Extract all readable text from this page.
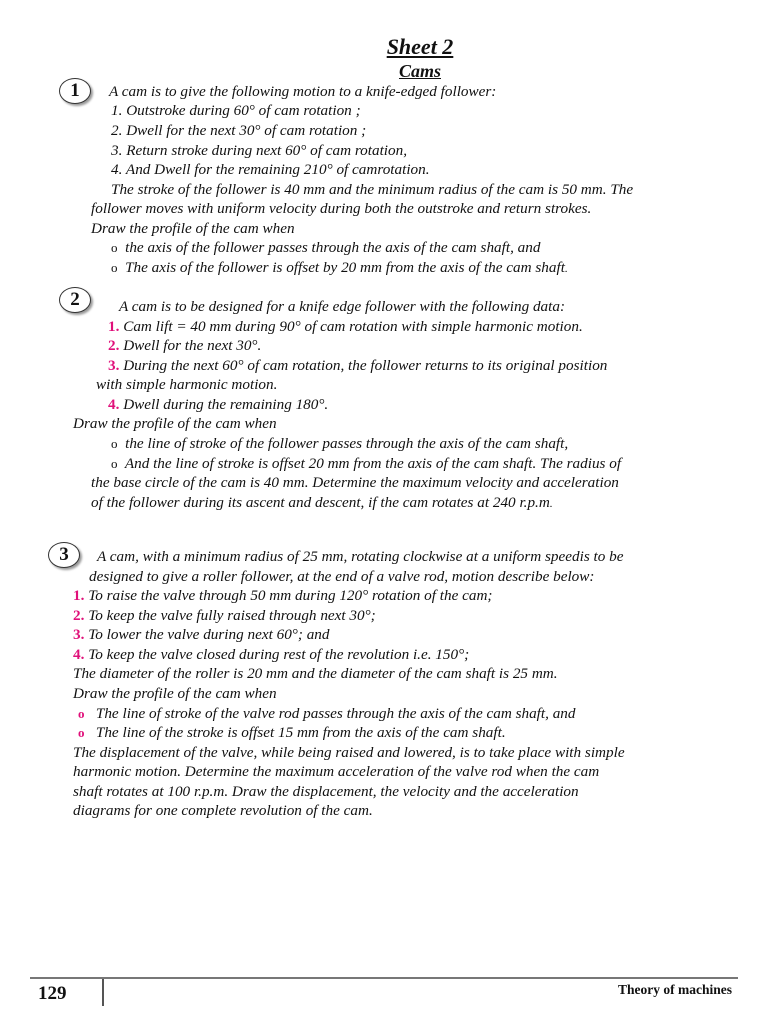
Sheet 2
Cams
1	A cam is to give the following motion to a knife-edged follower:
1. Outstroke during 60° of cam rotation ;
2. Dwell for the next 30° of cam rotation ;
3. Return stroke during next 60° of cam rotation,
4. And Dwell for the remaining 210° of camrotation.
The stroke of the follower is 40 mm and the minimum radius of the cam is 50 mm. The
follower moves with uniform velocity during both the outstroke and return strokes.
Draw the profile of the cam when
o the axis of the follower passes through the axis of the cam shaft, and
o The axis of the follower is offset by 20 mm from the axis of the cam shaft.
2	A cam is to be designed for a knife edge follower with the following data:
1. Cam lift = 40 mm during 90° of cam rotation with simple harmonic motion.
2. Dwell for the next 30°.
3. During the next 60° of cam rotation, the follower returns to its original position
with simple harmonic motion.
4. Dwell during the remaining 180°.
Draw the profile of the cam when
o the line of stroke of the follower passes through the axis of the cam shaft,
o And the line of stroke is offset 20 mm from the axis of the cam shaft. The radius of
the base circle of the cam is 40 mm. Determine the maximum velocity and acceleration
of the follower during its ascent and descent, if the cam rotates at 240 r.p.m.
3	A cam, with a minimum radius of 25 mm, rotating clockwise at a uniform speedis to be
designed to give a roller follower, at the end of a valve rod, motion describe below:
1. To raise the valve through 50 mm during 120° rotation of the cam;
2. To keep the valve fully raised through next 30°;
3. To lower the valve during next 60°; and
4. To keep the valve closed during rest of the revolution i.e. 150°;
The diameter of the roller is 20 mm and the diameter of the cam shaft is 25 mm.
Draw the profile of the cam when
o The line of stroke of the valve rod passes through the axis of the cam shaft, and
o The line of the stroke is offset 15 mm from the axis of the cam shaft.
The displacement of the valve, while being raised and lowered, is to take place with simple
harmonic motion. Determine the maximum acceleration of the valve rod when the cam
shaft rotates at 100 r.p.m. Draw the displacement, the velocity and the acceleration
diagrams for one complete revolution of the cam.
129	Theory of machines
